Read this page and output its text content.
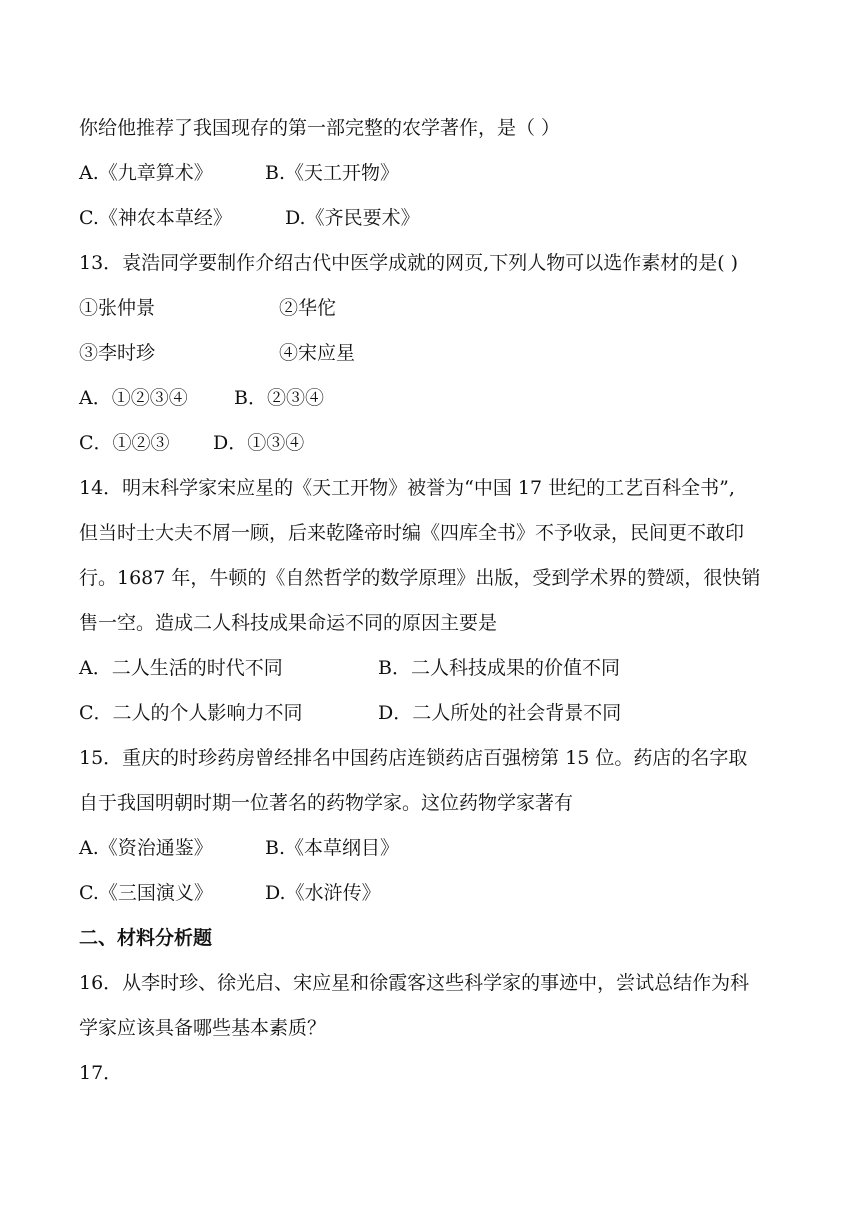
你给他推荐了我国现存的第一部完整的农学著作，是（ ）
A.《九章算术》	B.《天工开物》
C.《神农本草经》	D.《齐民要术》
13．袁浩同学要制作介绍古代中医学成就的网页,下列人物可以选作素材的是( )
①张仲景	②华佗
③李时珍	④宋应星
A．①②③④ B．②③④
C．①②③ D．①③④
14．明末科学家宋应星的《天工开物》被誉为“中国 17 世纪的工艺百科全书”,
但当时士大夫不屑一顾，后来乾隆帝时编《四库全书》不予收录，民间更不敢印
行。1687 年，牛顿的《自然哲学的数学原理》出版，受到学术界的赞颂，很快销
售一空。造成二人科技成果命运不同的原因主要是
A．二人生活的时代不同	B．二人科技成果的价值不同
C．二人的个人影响力不同	D．二人所处的社会背景不同
15．重庆的时珍药房曾经排名中国药店连锁药店百强榜第 15 位。药店的名字取
自于我国明朝时期一位著名的药物学家。这位药物学家著有
A.《资治通鉴》	B.《本草纲目》
C.《三国演义》	D.《水浒传》
二、材料分析题
16．从李时珍、徐光启、宋应星和徐霞客这些科学家的事迹中，尝试总结作为科
学家应该具备哪些基本素质？
17．
